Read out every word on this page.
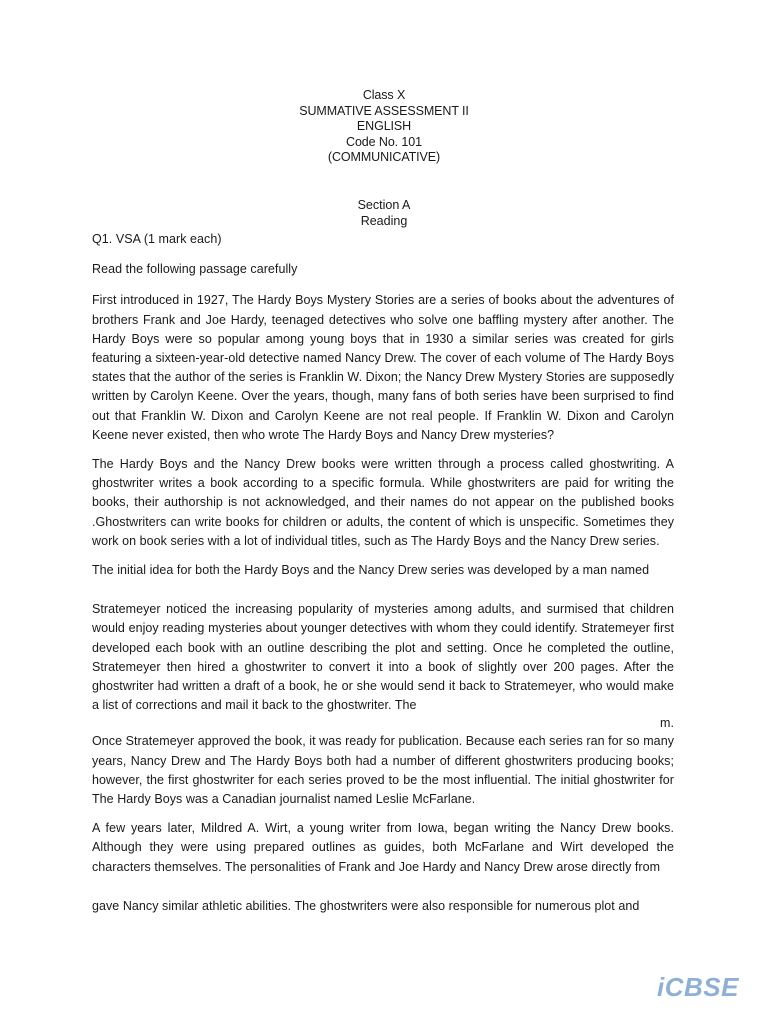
Class X
SUMMATIVE ASSESSMENT II
ENGLISH
Code No. 101
(COMMUNICATIVE)
Section A
Reading

Q1. VSA (1 mark each)

Read the following passage carefully

First introduced in 1927, The Hardy Boys Mystery Stories are a series of books about the adventures of brothers Frank and Joe Hardy, teenaged detectives who solve one baffling mystery after another. The Hardy Boys were so popular among young boys that in 1930 a similar series was created for girls featuring a sixteen-year-old detective named Nancy Drew. The cover of each volume of The Hardy Boys states that the author of the series is Franklin W. Dixon; the Nancy Drew Mystery Stories are supposedly written by Carolyn Keene. Over the years, though, many fans of both series have been surprised to find out that Franklin W. Dixon and Carolyn Keene are not real people. If Franklin W. Dixon and Carolyn Keene never existed, then who wrote The Hardy Boys and Nancy Drew mysteries?

The Hardy Boys and the Nancy Drew books were written through a process called ghostwriting. A ghostwriter writes a book according to a specific formula. While ghostwriters are paid for writing the books, their authorship is not acknowledged, and their names do not appear on the published books .Ghostwriters can write books for children or adults, the content of which is unspecific. Sometimes they work on book series with a lot of individual titles, such as The Hardy Boys and the Nancy Drew series.

The initial idea for both the Hardy Boys and the Nancy Drew series was developed by a man named

Stratemeyer noticed the increasing popularity of mysteries among adults, and surmised that children would enjoy reading mysteries about younger detectives with whom they could identify. Stratemeyer first developed each book with an outline describing the plot and setting. Once he completed the outline, Stratemeyer then hired a ghostwriter to convert it into a book of slightly over 200 pages. After the ghostwriter had written a draft of a book, he or she would send it back to Stratemeyer, who would make a list of corrections and mail it back to the ghostwriter. The

m.

Once Stratemeyer approved the book, it was ready for publication. Because each series ran for so many years, Nancy Drew and The Hardy Boys both had a number of different ghostwriters producing books; however, the first ghostwriter for each series proved to be the most influential. The initial ghostwriter for The Hardy Boys was a Canadian journalist named Leslie McFarlane.

A few years later, Mildred A. Wirt, a young writer from Iowa, began writing the Nancy Drew books. Although they were using prepared outlines as guides, both McFarlane and Wirt developed the characters themselves. The personalities of Frank and Joe Hardy and Nancy Drew arose directly from

gave Nancy similar athletic abilities. The ghostwriters were also responsible for numerous plot and

iCBSE
